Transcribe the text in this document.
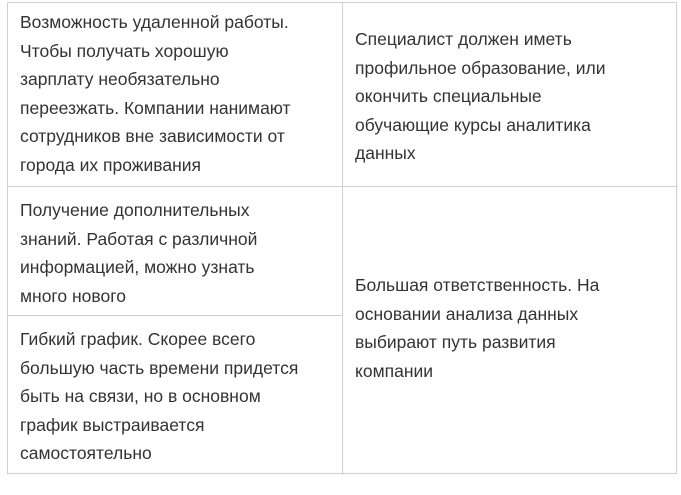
Возможность удаленной работы.
Чтобы получать хорошую
зарплату необязательно
переезжать. Компании нанимают
сотрудников вне зависимости от
города их проживания
Специалист должен иметь
профильное образование, или
окончить специальные
обучающие курсы аналитика
данных
Получение дополнительных
знаний. Работая с различной
информацией, можно узнать
много нового
Большая ответственность. На
основании анализа данных
выбирают путь развития
компании
Гибкий график. Скорее всего
большую часть времени придется
быть на связи, но в основном
график выстраивается
самостоятельно
